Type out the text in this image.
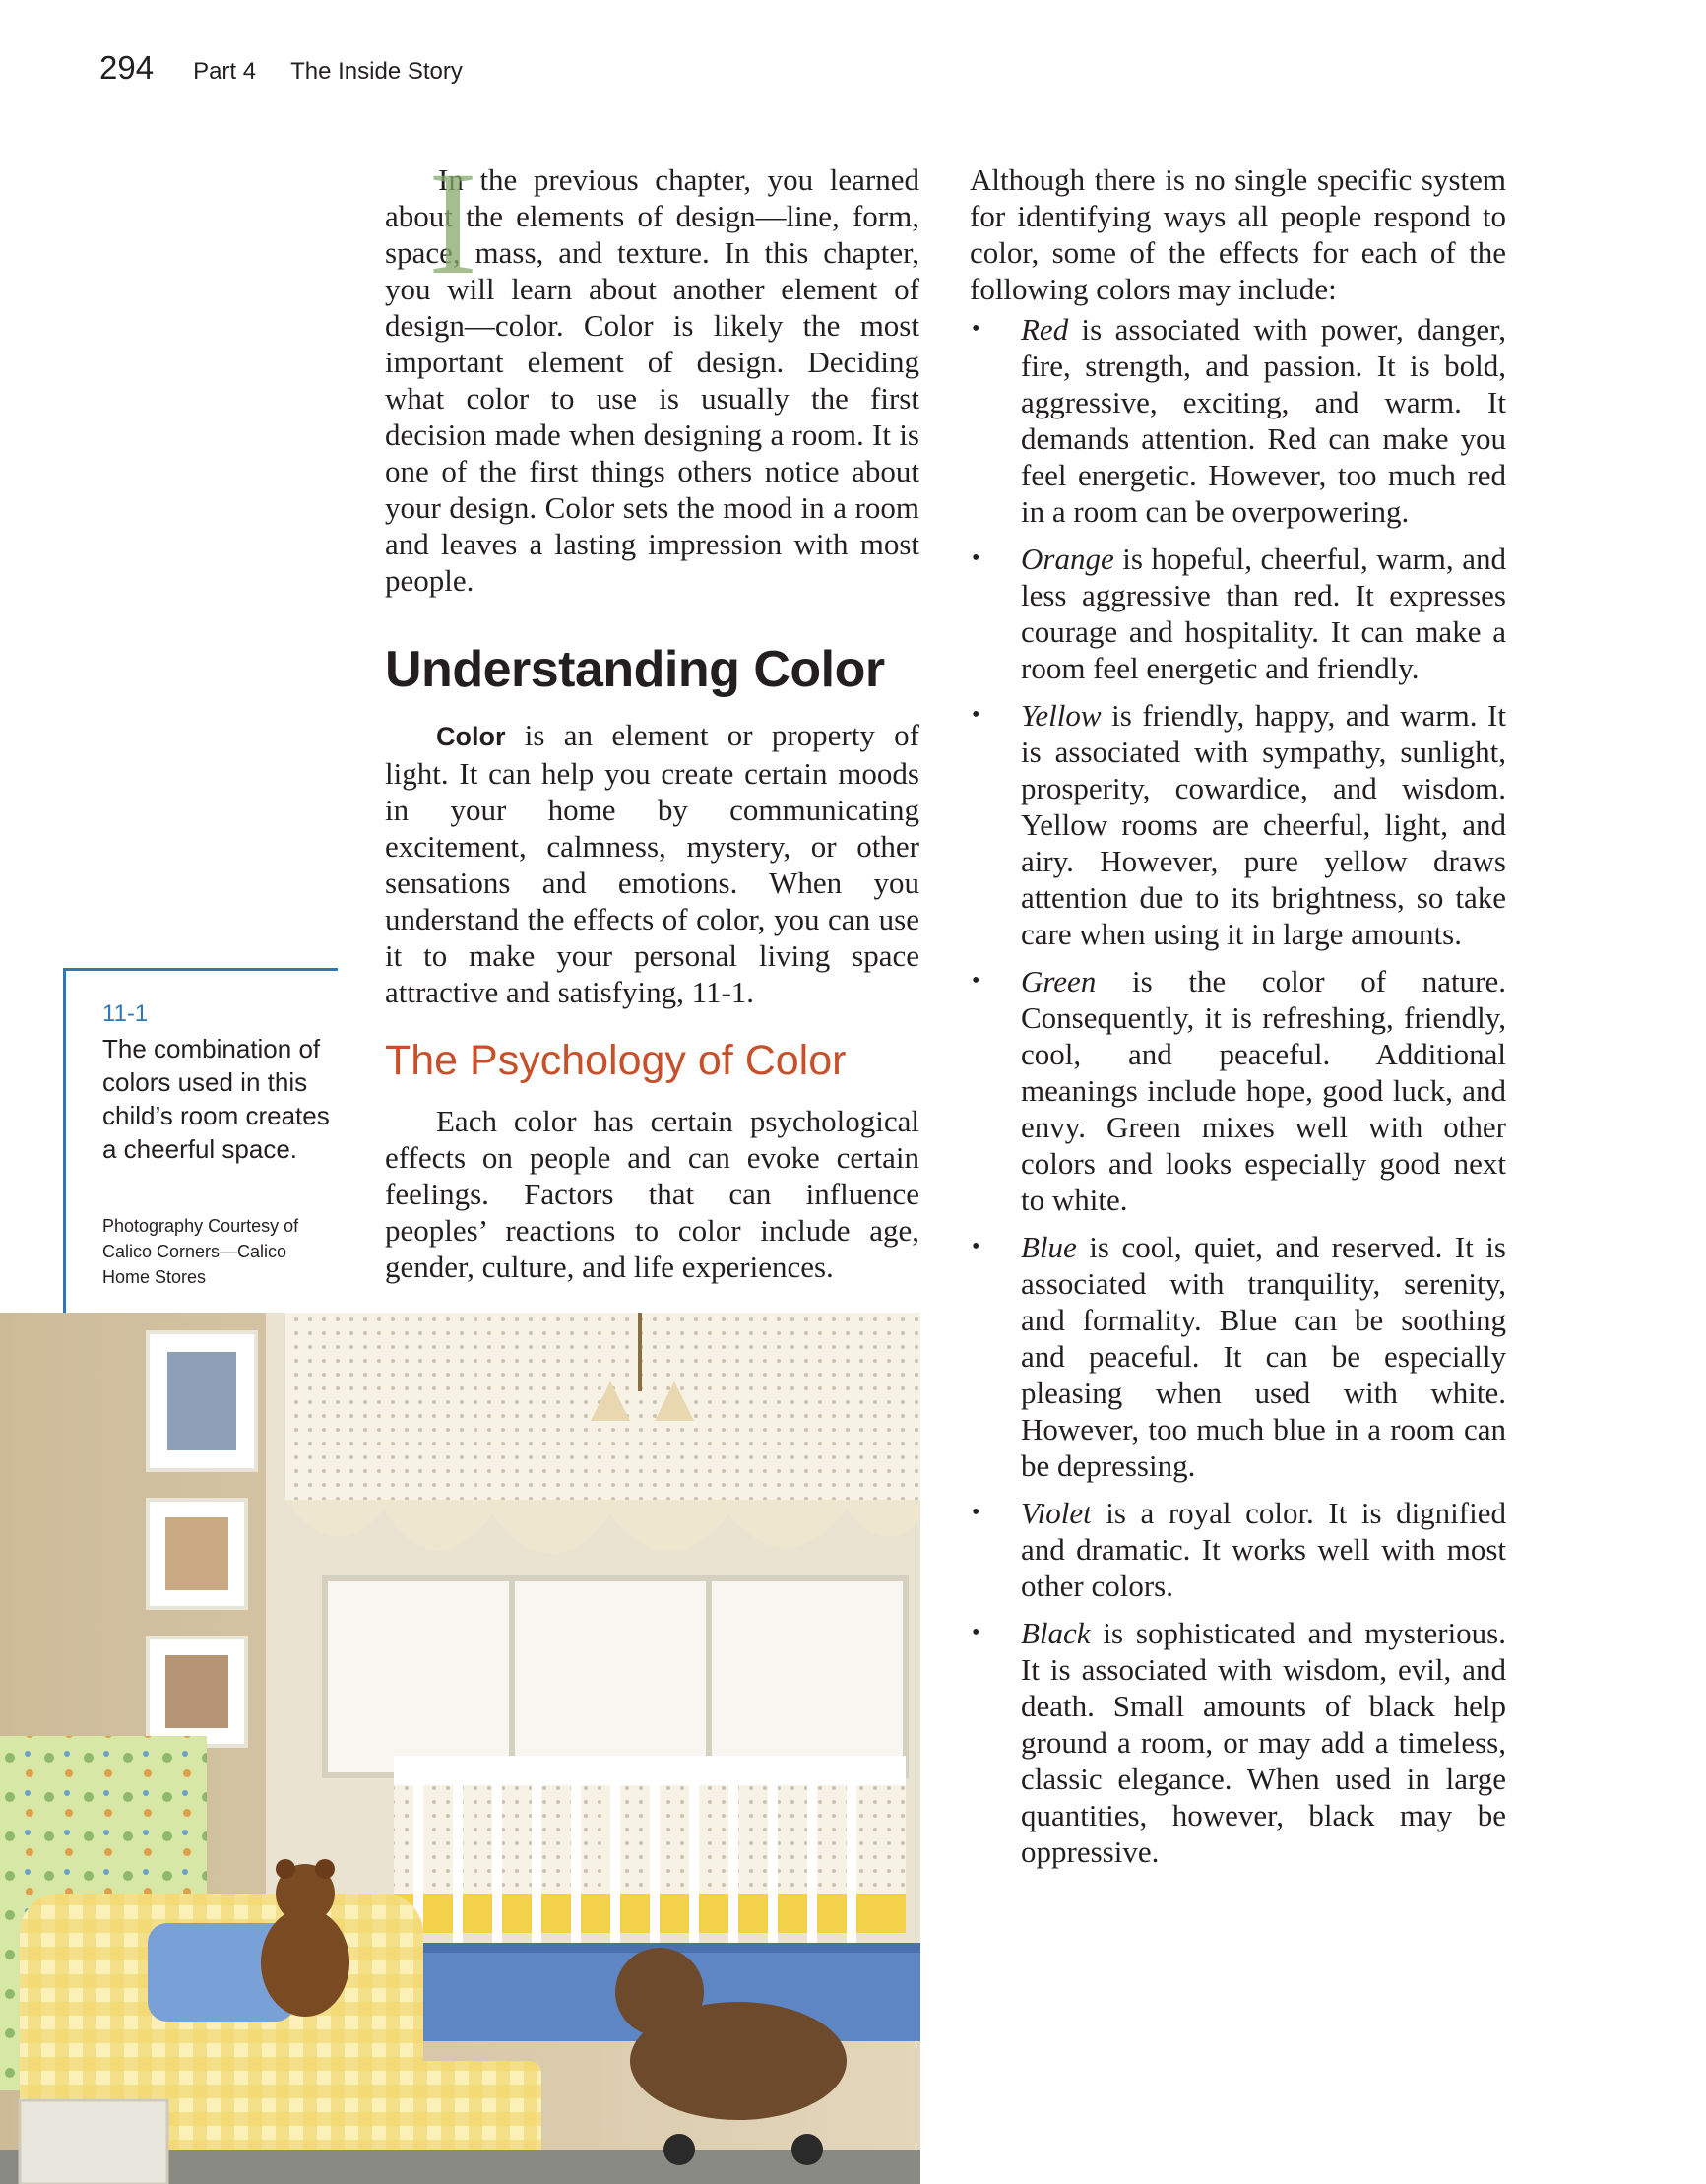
294 Part 4 The Inside Story

I
In the previous chapter, you learned about the elements of design—line, form, space, mass, and texture. In this chapter, you will learn about another element of design—color. Color is likely the most important element of design. Deciding what color to use is usually the first decision made when designing a room. It is one of the first things others notice about your design. Color sets the mood in a room and leaves a lasting impression with most people.

Understanding Color

Color is an element or property of light. It can help you create certain moods in your home by communicating excitement, calmness, mystery, or other sensations and emotions. When you understand the effects of color, you can use it to make your personal living space attractive and satisfying, 11-1.

The Psychology of Color

Each color has certain psychological effects on people and can evoke certain feelings. Factors that can influence peoples’ reactions to color include age, gender, culture, and life experiences.

Although there is no single specific system for identifying ways all people respond to color, some of the effects for each of the following colors may include:

• Red is associated with power, danger, fire, strength, and passion. It is bold, aggressive, exciting, and warm. It demands attention. Red can make you feel energetic. However, too much red in a room can be overpowering.
• Orange is hopeful, cheerful, warm, and less aggressive than red. It expresses courage and hospitality. It can make a room feel energetic and friendly.
• Yellow is friendly, happy, and warm. It is associated with sympathy, sunlight, prosperity, cowardice, and wisdom. Yellow rooms are cheerful, light, and airy. However, pure yellow draws attention due to its brightness, so take care when using it in large amounts.
• Green is the color of nature. Consequently, it is refreshing, friendly, cool, and peaceful. Additional meanings include hope, good luck, and envy. Green mixes well with other colors and looks especially good next to white.
• Blue is cool, quiet, and reserved. It is associated with tranquility, serenity, and formality. Blue can be soothing and peaceful. It can be especially pleasing when used with white. However, too much blue in a room can be depressing.
• Violet is a royal color. It is dignified and dramatic. It works well with most other colors.
• Black is sophisticated and mysterious. It is associated with wisdom, evil, and death. Small amounts of black help ground a room, or may add a timeless, classic elegance. When used in large quantities, however, black may be oppressive.
11-1
The combination of colors used in this child’s room creates a cheerful space.
Photography Courtesy of Calico Corners—Calico Home Stores
